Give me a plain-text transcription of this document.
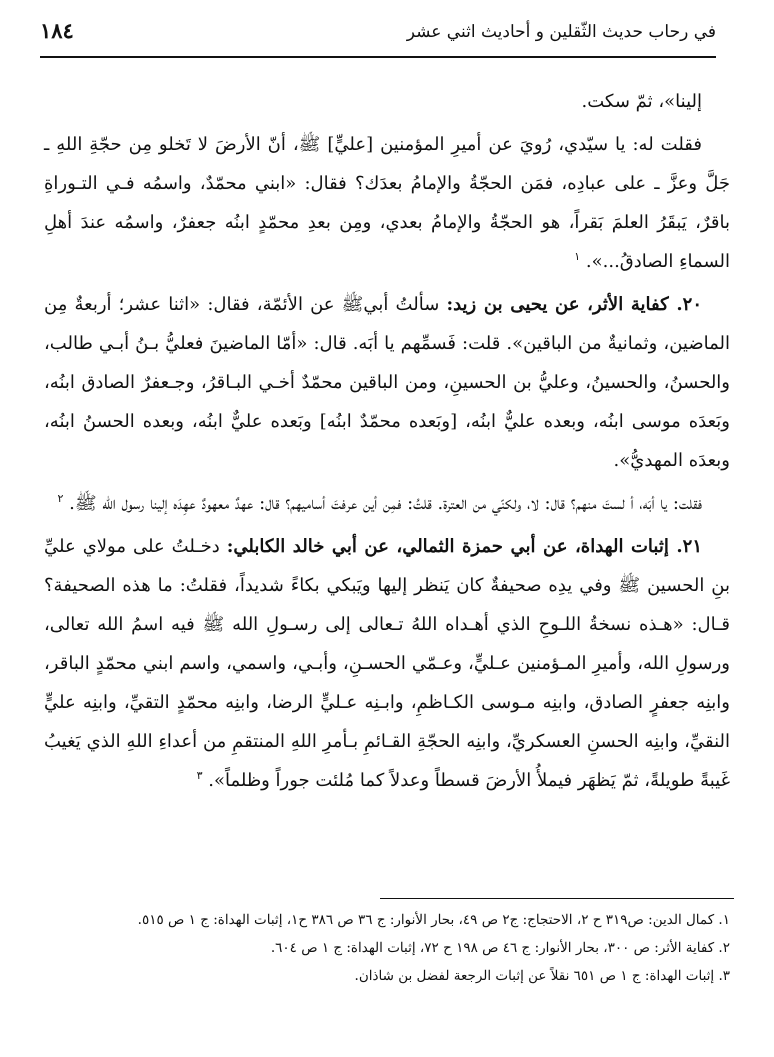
١٨٤	في رحاب حديث الثّقلين و أحاديث اثني عشر

إلينا»، ثمّ سكت.

فقلت له: يا سيّدي، رُويَ عن أميرِ المؤمنين [عليٍّ] ﷺ، أنّ الأرضَ لا تَخلو مِن حجّةِ اللهِ ـ جَلَّ وعزَّ ـ على عبادِه، فمَن الحجّةُ والإمامُ بعدَك؟ فقال: «ابني محمّدٌ، واسمُه فـي التـوراةِ باقرٌ، يَبقَرُ العلمَ بَقراً، هو الحجّةُ والإمامُ بعدي، ومِن بعدِ محمّدٍ ابنُه جعفرٌ، واسمُه عندَ أهلِ السماءِ الصادقُ...». $^١$

٢٠. كفاية الأثر، عن يحيى بن زيد: سألتُ أبيﷺ عن الأئمّة، فقال: «اثنا عشر؛ أربعةٌ مِن الماضين، وثمانيةٌ من الباقين». قلت: فَسمِّهم يا أبَه. قال: «أمّا الماضينَ فعليُّ بـنُ أبـي طالب، والحسنُ، والحسينُ، وعليُّ بن الحسينِ، ومن الباقين محمّدٌ أخـي البـاقرُ، وجـعفرٌ الصادق ابنُه، وبَعدَه موسى ابنُه، وبعده عليٌّ ابنُه، [وبَعده محمّدٌ ابنُه] وبَعده عليٌّ ابنُه، وبعده الحسنُ ابنُه، وبعدَه المهديُّ».

فقلت: يا أبَه، أ لستَ منهم؟ قال: لا، ولكنّي من العترة. قلتُ: فمِن أين عرفتَ أساميهم؟ قال: عهدٌ معهودٌ عهِدَه إلينا رسول الله ﷺ. $^٢$

٢١. إثبات الهداة، عن أبي حمزة الثمالي، عن أبي خالد الكابلي: دخـلتُ على مولاي عليِّ بنِ الحسين ﷺ وفي يدِه صحيفةٌ كان يَنظر إليها ويَبكي بكاءً شديداً، فقلتُ: ما هذه الصحيفة؟ قـال: «هـذه نسخةُ اللـوحِ الذي أهـداه اللهُ تـعالى إلى رسـولِ الله ﷺ فيه اسمُ الله تعالى، ورسولِ الله، وأميرِ المـؤمنين عـليٍّ، وعـمّي الحسـنِ، وأبـي، واسمي، واسم ابني محمّدٍ الباقر، وابنِه جعفرٍ الصادق، وابنِه مـوسى الكـاظمِ، وابـنِه عـليٍّ الرضا، وابنِه محمّدٍ التقيِّ، وابنِه عليٍّ النقيِّ، وابنِه الحسنِ العسكريِّ، وابنِه الحجّةِ القـائمِ بـأمرِ اللهِ المنتقمِ من أعداءِ اللهِ الذي يَغيبُ غَيبةً طويلةً، ثمّ يَظهَر فيملأُ الأرضَ قسطاً وعدلاً كما مُلئت جوراً وظلماً». $^٣$

١. كمال الدين: ص٣١٩ ح ٢، الاحتجاج: ج٢ ص ٤٩، بحار الأنوار: ج ٣٦ ص ٣٨٦ ح١، إثبات الهداة: ج ١ ص ٥١٥.

٢. كفاية الأثر: ص ٣٠٠، بحار الأنوار: ج ٤٦ ص ١٩٨ ح ٧٢، إثبات الهداة: ج ١ ص ٦٠٤.

٣. إثبات الهداة: ج ١ ص ٦٥١ نقلاً عن إثبات الرجعة لفضل بن شاذان.
